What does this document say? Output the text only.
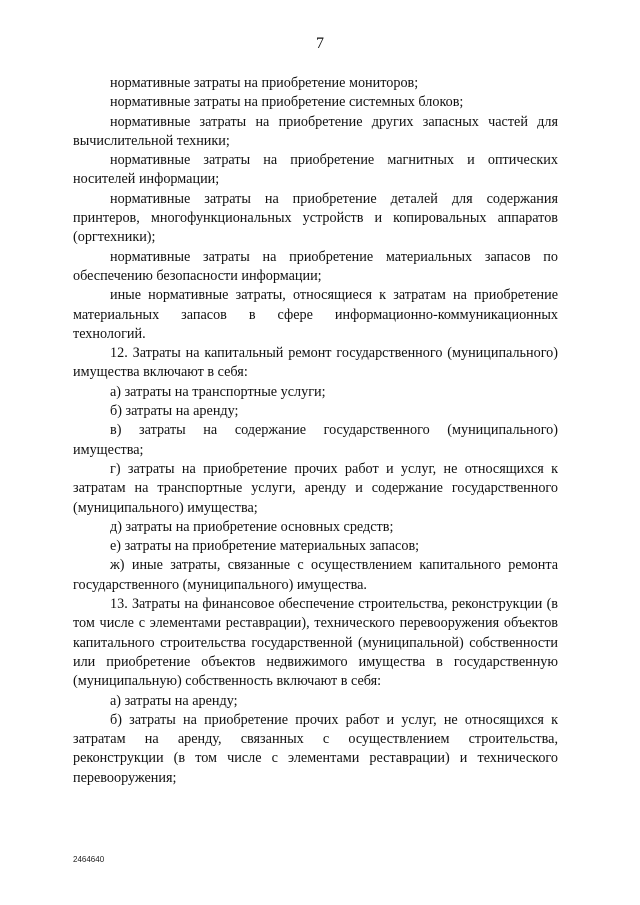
7

нормативные затраты на приобретение мониторов;

нормативные затраты на приобретение системных блоков;

нормативные затраты на приобретение других запасных частей для вычислительной техники;

нормативные затраты на приобретение магнитных и оптических носителей информации;

нормативные затраты на приобретение деталей для содержания принтеров, многофункциональных устройств и копировальных аппаратов (оргтехники);

нормативные затраты на приобретение материальных запасов по обеспечению безопасности информации;

иные нормативные затраты, относящиеся к затратам на приобретение материальных запасов в сфере информационно-коммуникационных технологий.

12. Затраты на капитальный ремонт государственного (муниципального) имущества включают в себя:

а) затраты на транспортные услуги;

б) затраты на аренду;

в) затраты на содержание государственного (муниципального) имущества;

г) затраты на приобретение прочих работ и услуг, не относящихся к затратам на транспортные услуги, аренду и содержание государственного (муниципального) имущества;

д) затраты на приобретение основных средств;

е) затраты на приобретение материальных запасов;

ж) иные затраты, связанные с осуществлением капитального ремонта государственного (муниципального) имущества.

13. Затраты на финансовое обеспечение строительства, реконструкции (в том числе с элементами реставрации), технического перевооружения объектов капитального строительства государственной (муниципальной) собственности или приобретение объектов недвижимого имущества в государственную (муниципальную) собственность включают в себя:

а) затраты на аренду;

б) затраты на приобретение прочих работ и услуг, не относящихся к затратам на аренду, связанных с осуществлением строительства, реконструкции (в том числе с элементами реставрации) и технического перевооружения;

2464640
